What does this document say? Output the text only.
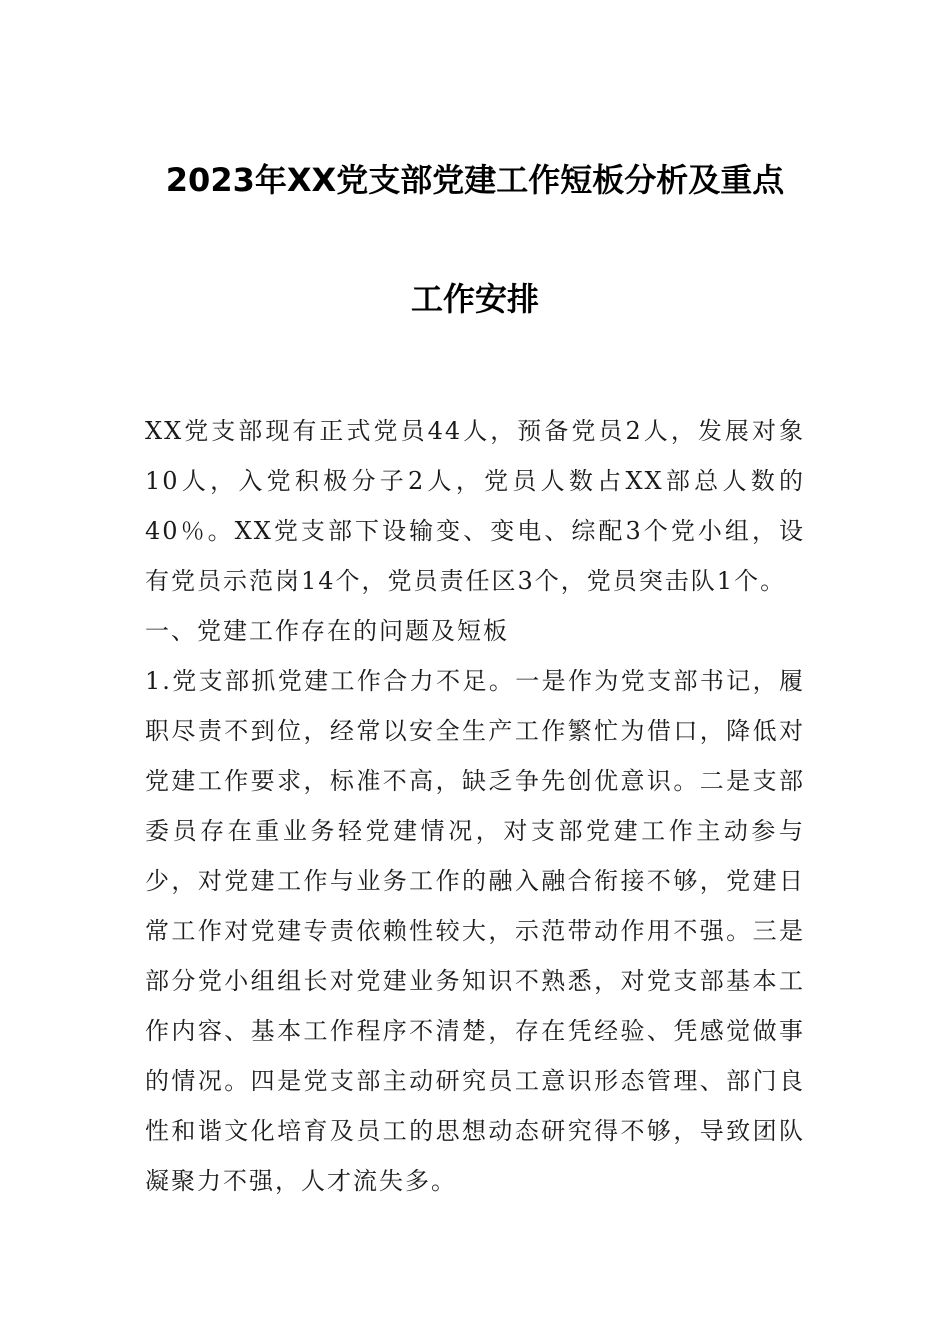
2023年XX党支部党建工作短板分析及重点
工作安排

XX党支部现有正式党员44人，预备党员2人，发展对象10人，入党积极分子2人，党员人数占XX部总人数的40％。XX党支部下设输变、变电、综配3个党小组，设有党员示范岗14个，党员责任区3个，党员突击队1个。

一、党建工作存在的问题及短板

1.党支部抓党建工作合力不足。一是作为党支部书记，履职尽责不到位，经常以安全生产工作繁忙为借口，降低对党建工作要求，标准不高，缺乏争先创优意识。二是支部委员存在重业务轻党建情况，对支部党建工作主动参与少，对党建工作与业务工作的融入融合衔接不够，党建日常工作对党建专责依赖性较大，示范带动作用不强。三是部分党小组组长对党建业务知识不熟悉，对党支部基本工作内容、基本工作程序不清楚，存在凭经验、凭感觉做事的情况。四是党支部主动研究员工意识形态管理、部门良性和谐文化培育及员工的思想动态研究得不够，导致团队凝聚力不强，人才流失多。
